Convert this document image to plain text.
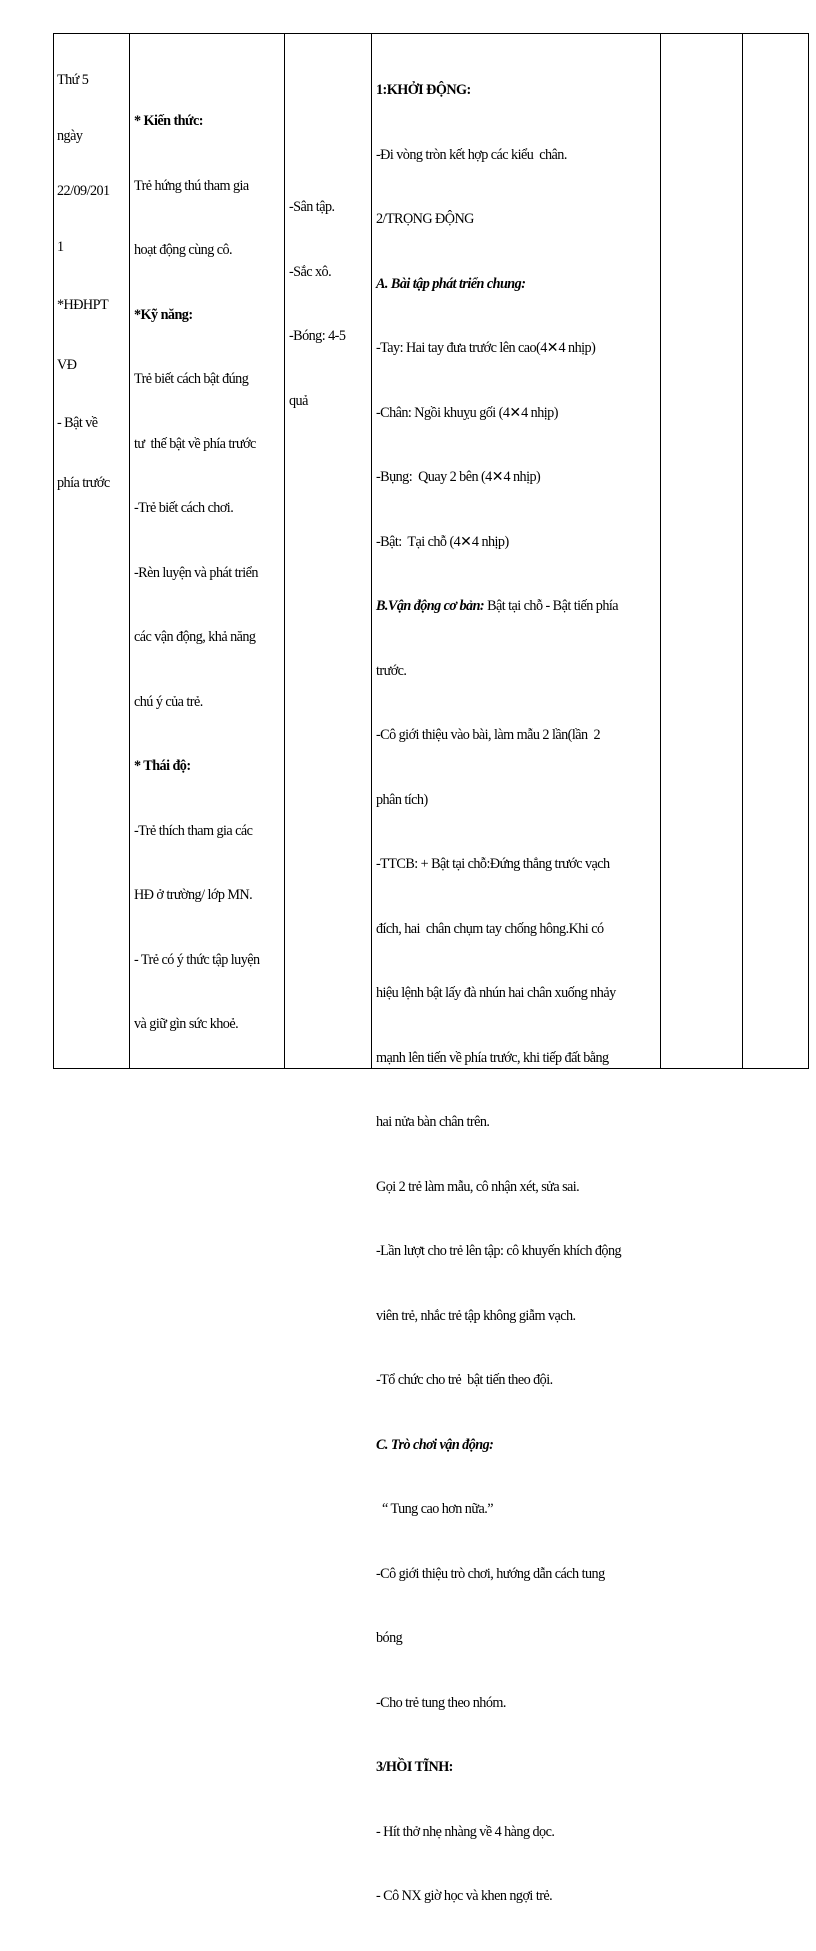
Thứ 5

ngày

22/09/201

1

*HĐHPT

VĐ

- Bật về

phía trước

* Kiến thức:

Trẻ hứng thú tham gia

hoạt động cùng cô.

*Kỹ năng:

Trẻ biết cách bật đúng

tư  thế bật về phía trước

-Trẻ biết cách chơi.

-Rèn luyện và phát triển

các vận động, khả năng

chú ý của trẻ.

* Thái độ:

-Trẻ thích tham gia các

HĐ ở trường/ lớp MN.

- Trẻ có ý thức tập luyện

và giữ gìn sức khoẻ.

-Sân tập.

-Sắc xô.

-Bóng: 4-5

quả

1:KHỞI ĐỘNG:

-Đi vòng tròn kết hợp các kiểu  chân.

2/TRỌNG ĐỘNG

A. Bài tập phát triển chung:

-Tay: Hai tay đưa trước lên cao(4✕4 nhịp)

-Chân: Ngồi khuỵu gối (4✕4 nhịp)

-Bụng:  Quay 2 bên (4✕4 nhịp)

-Bật:  Tại chỗ (4✕4 nhịp)

B.Vận động cơ bản: Bật tại chỗ - Bật tiến phía

trước.

-Cô giới thiệu vào bài, làm mẫu 2 lần(lần  2

phân tích)

-TTCB: + Bật tại chỗ:Đứng thẳng trước vạch

đích, hai  chân chụm tay chống hông.Khi có

hiệu lệnh bật lấy đà nhún hai chân xuống nhảy

mạnh lên tiến về phía trước, khi tiếp đất bằng

hai nửa bàn chân trên.

Gọi 2 trẻ làm mẫu, cô nhận xét, sửa sai.

-Lần lượt cho trẻ lên tập: cô khuyến khích động

viên trẻ, nhắc trẻ tập không giẫm vạch.

-Tổ chức cho trẻ  bật tiến theo đội.

C. Trò chơi vận động:

“ Tung cao hơn nữa.”

-Cô giới thiệu trò chơi, hướng dẫn cách tung

bóng

-Cho trẻ tung theo nhóm.

3/HỒI TĨNH:

- Hít thở nhẹ nhàng về 4 hàng dọc.

- Cô NX giờ học và khen ngợi trẻ.
